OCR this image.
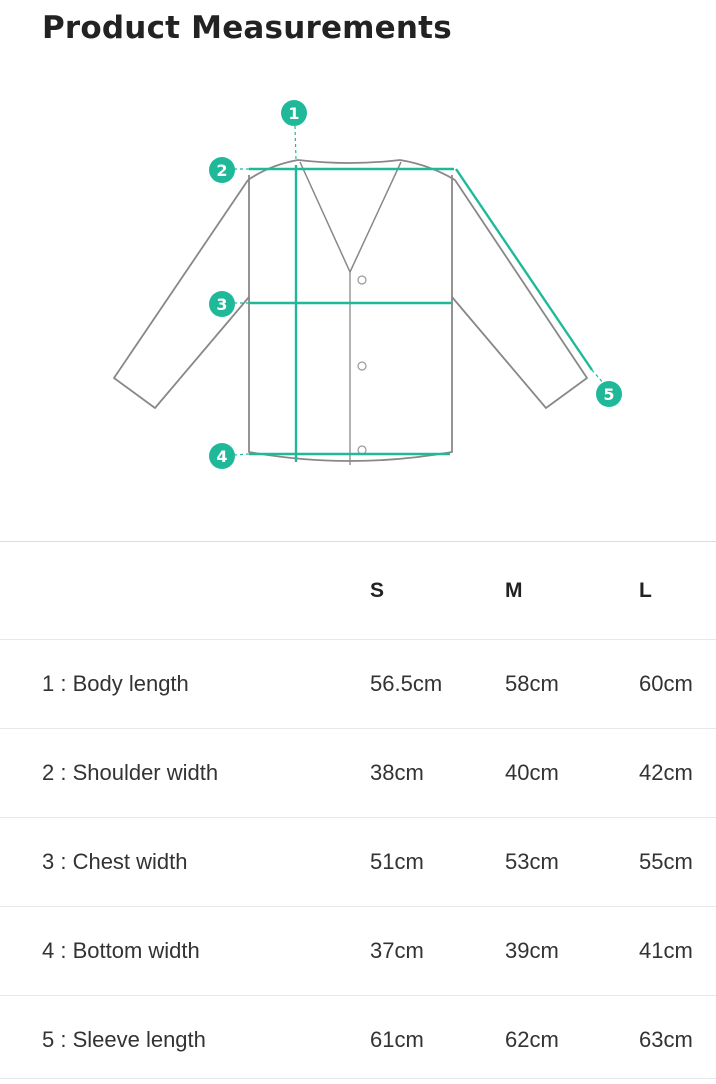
Product Measurements
1
2
3
4
5
	S	M	L
1 : Body length	56.5cm	58cm	60cm
2 : Shoulder width	38cm	40cm	42cm
3 : Chest width	51cm	53cm	55cm
4 : Bottom width	37cm	39cm	41cm
5 : Sleeve length	61cm	62cm	63cm
